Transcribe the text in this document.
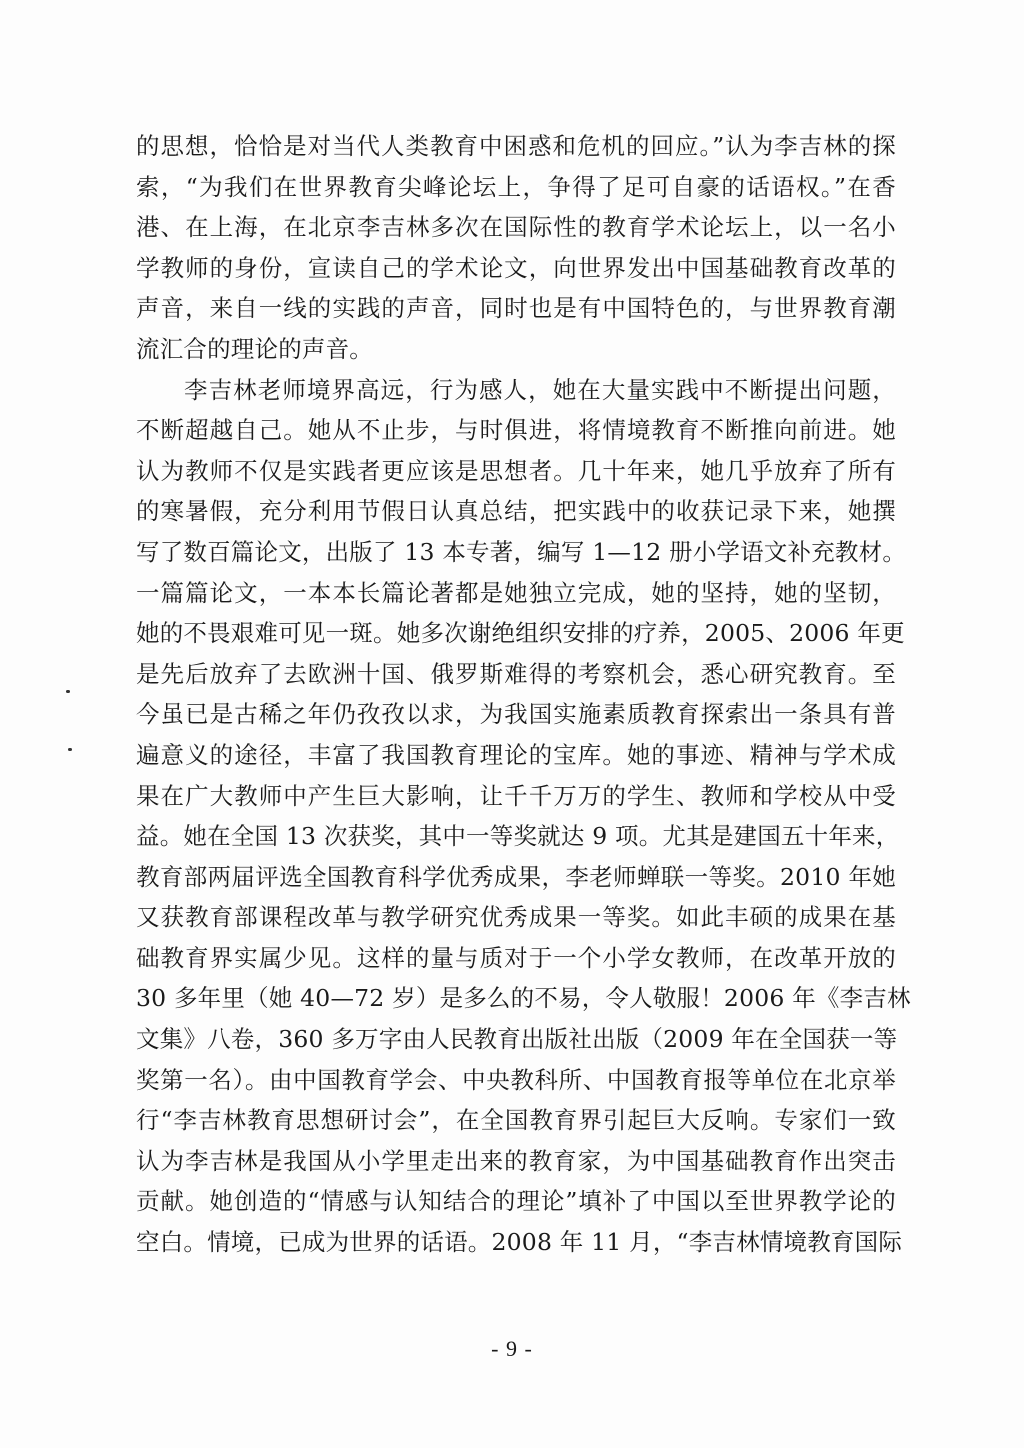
的思想，恰恰是对当代人类教育中困惑和危机的回应。”认为李吉林的探
索，“为我们在世界教育尖峰论坛上，争得了足可自豪的话语权。”在香
港、在上海，在北京李吉林多次在国际性的教育学术论坛上，以一名小
学教师的身份，宣读自己的学术论文，向世界发出中国基础教育改革的
声音，来自一线的实践的声音，同时也是有中国特色的，与世界教育潮
流汇合的理论的声音。
李吉林老师境界高远，行为感人，她在大量实践中不断提出问题，
不断超越自己。她从不止步，与时俱进，将情境教育不断推向前进。她
认为教师不仅是实践者更应该是思想者。几十年来，她几乎放弃了所有
的寒暑假，充分利用节假日认真总结，把实践中的收获记录下来，她撰
写了数百篇论文，出版了 13 本专著，编写 1—12 册小学语文补充教材。
一篇篇论文，一本本长篇论著都是她独立完成，她的坚持，她的坚韧，
她的不畏艰难可见一斑。她多次谢绝组织安排的疗养，2005、2006 年更
是先后放弃了去欧洲十国、俄罗斯难得的考察机会，悉心研究教育。至
今虽已是古稀之年仍孜孜以求，为我国实施素质教育探索出一条具有普
遍意义的途径，丰富了我国教育理论的宝库。她的事迹、精神与学术成
果在广大教师中产生巨大影响，让千千万万的学生、教师和学校从中受
益。她在全国 13 次获奖，其中一等奖就达 9 项。尤其是建国五十年来，
教育部两届评选全国教育科学优秀成果，李老师蝉联一等奖。2010 年她
又获教育部课程改革与教学研究优秀成果一等奖。如此丰硕的成果在基
础教育界实属少见。这样的量与质对于一个小学女教师，在改革开放的
30 多年里（她 40—72 岁）是多么的不易，令人敬服！2006 年《李吉林
文集》八卷，360 多万字由人民教育出版社出版（2009 年在全国获一等
奖第一名）。由中国教育学会、中央教科所、中国教育报等单位在北京举
行“李吉林教育思想研讨会”，在全国教育界引起巨大反响。专家们一致
认为李吉林是我国从小学里走出来的教育家，为中国基础教育作出突击
贡献。她创造的“情感与认知结合的理论”填补了中国以至世界教学论的
空白。情境，已成为世界的话语。2008 年 11 月，“李吉林情境教育国际
- 9 -
